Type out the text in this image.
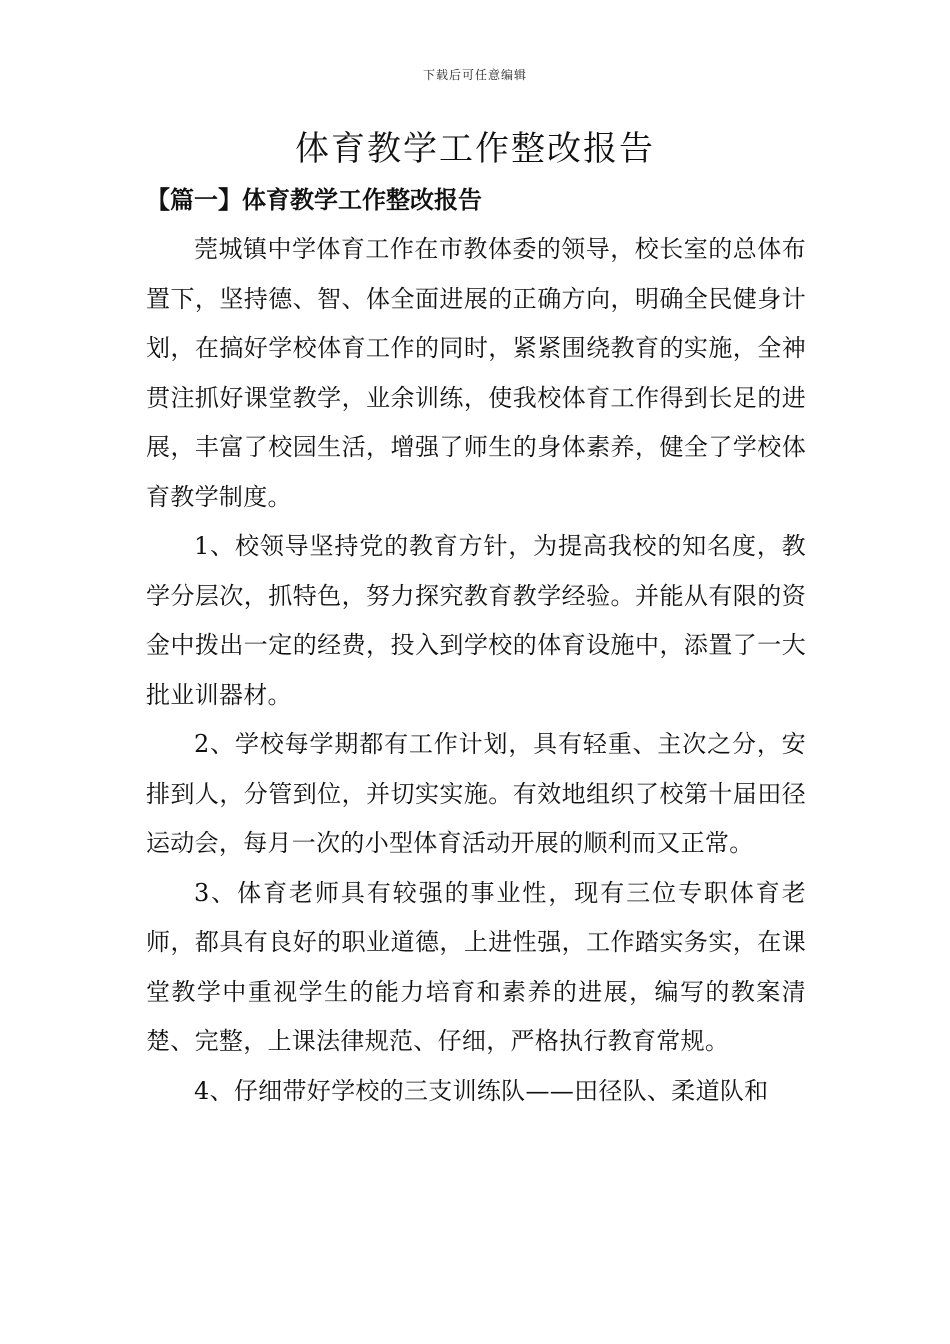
下载后可任意编辑
体育教学工作整改报告
【篇一】体育教学工作整改报告

莞城镇中学体育工作在市教体委的领导，校长室的总体布置下，坚持德、智、体全面进展的正确方向，明确全民健身计划，在搞好学校体育工作的同时，紧紧围绕教育的实施，全神贯注抓好课堂教学，业余训练，使我校体育工作得到长足的进展，丰富了校园生活，增强了师生的身体素养，健全了学校体育教学制度。

1、校领导坚持党的教育方针，为提高我校的知名度，教学分层次，抓特色，努力探究教育教学经验。并能从有限的资金中拨出一定的经费，投入到学校的体育设施中，添置了一大批业训器材。

2、学校每学期都有工作计划，具有轻重、主次之分，安排到人，分管到位，并切实实施。有效地组织了校第十届田径运动会，每月一次的小型体育活动开展的顺利而又正常。

3、体育老师具有较强的事业性，现有三位专职体育老师，都具有良好的职业道德，上进性强，工作踏实务实，在课堂教学中重视学生的能力培育和素养的进展，编写的教案清楚、完整，上课法律规范、仔细，严格执行教育常规。

4、仔细带好学校的三支训练队——田径队、柔道队和
